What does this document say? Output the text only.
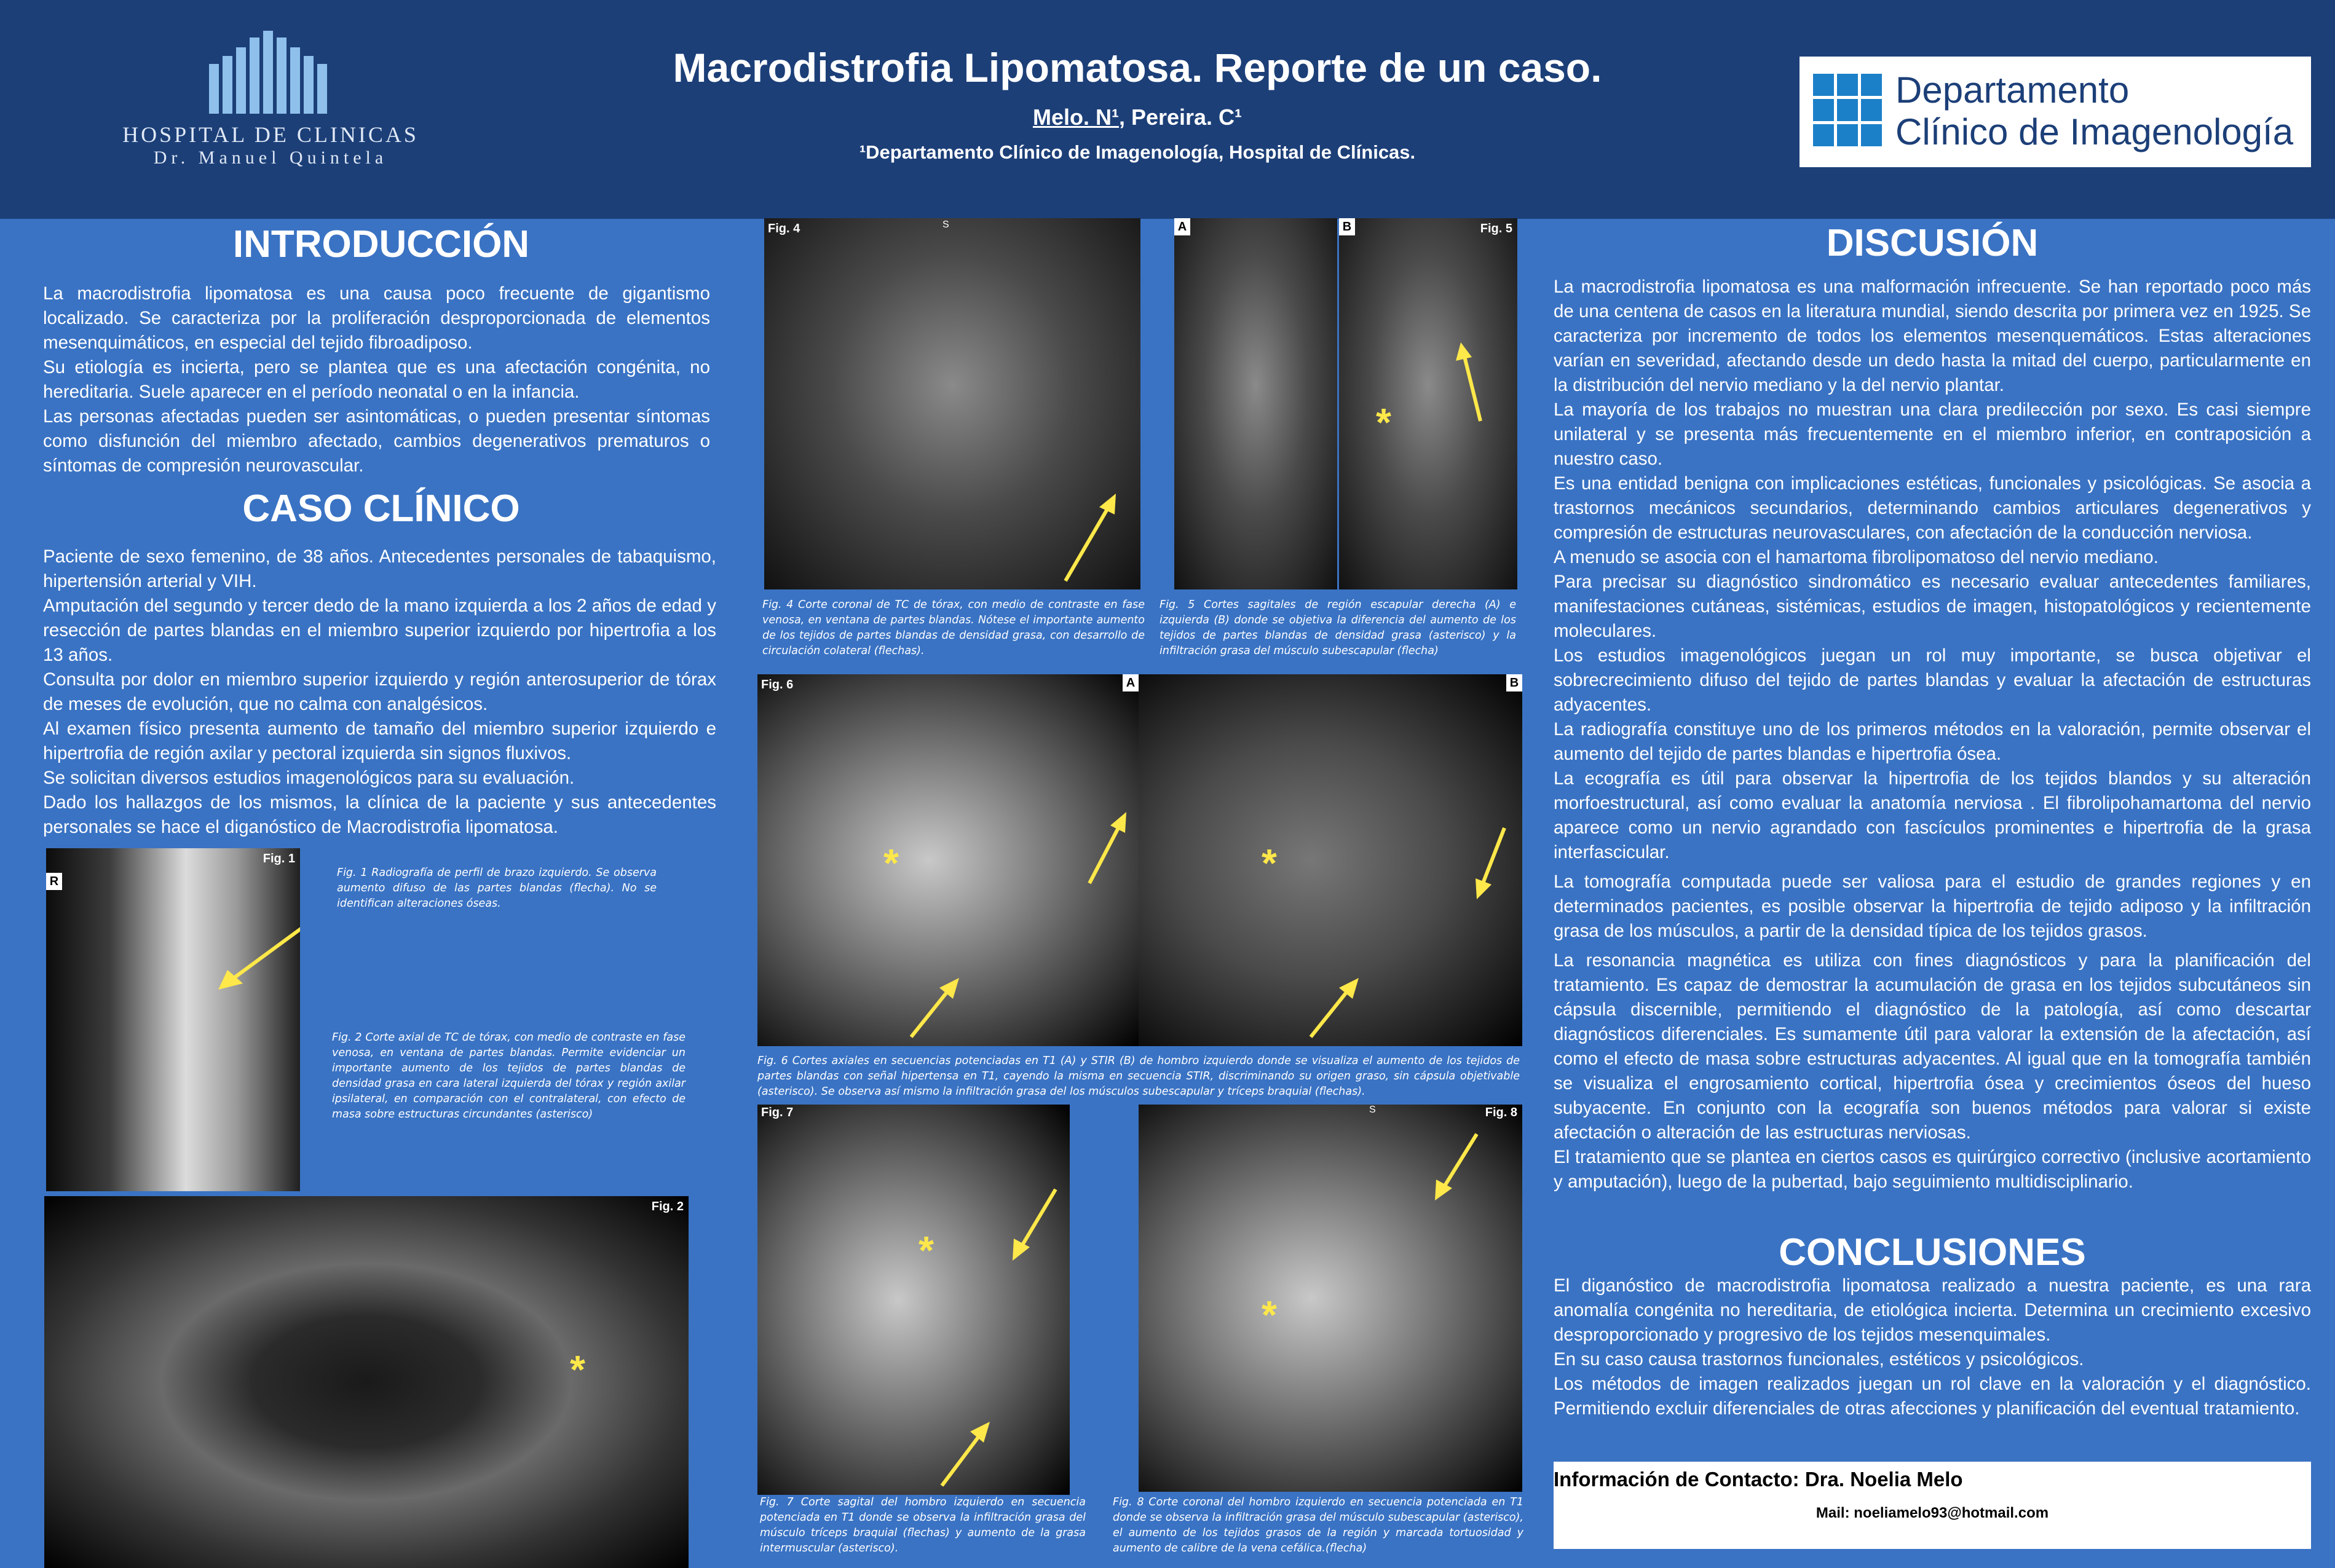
HOSPITAL DE CLINICAS
Dr. Manuel Quintela
Macrodistrofia Lipomatosa. Reporte de un caso.
Melo. N¹, Pereira. C¹
¹Departamento Clínico de Imagenología, Hospital de Clínicas.
Departamento
Clínico de Imagenología
INTRODUCCIÓN

La macrodistrofia lipomatosa es una causa poco frecuente de gigantismo localizado. Se caracteriza por la proliferación desproporcionada de elementos mesenquimáticos, en especial del tejido fibroadiposo.

Su etiología es incierta, pero se plantea que es una afectación congénita, no hereditaria. Suele aparecer en el período neonatal o en la infancia.

Las personas afectadas pueden ser asintomáticas, o pueden presentar síntomas como disfunción del miembro afectado, cambios degenerativos prematuros o síntomas de compresión neurovascular.

CASO CLÍNICO

Paciente de sexo femenino, de 38 años. Antecedentes personales de tabaquismo, hipertensión arterial y VIH.

Amputación del segundo y tercer dedo de la mano izquierda a los 2 años de edad y resección de partes blandas en el miembro superior izquierdo por hipertrofia a los 13 años.

Consulta por dolor en miembro superior izquierdo y región anterosuperior de tórax de meses de evolución, que no calma con analgésicos.

Al examen físico presenta aumento de tamaño del miembro superior izquierdo e hipertrofia de región axilar y pectoral izquierda sin signos fluxivos.

Se solicitan diversos estudios imagenológicos para su evaluación.

Dado los hallazgos de los mismos, la clínica de la paciente y sus antecedentes personales se hace el diganóstico de Macrodistrofia lipomatosa.

Fig. 1
R
Fig. 1 Radiografía de perfil de brazo izquierdo. Se observa aumento difuso de las partes blandas (flecha). No se identifican alteraciones óseas.
Fig. 2 Corte axial de TC de tórax, con medio de contraste en fase venosa, en ventana de partes blandas. Permite evidenciar un importante aumento de los tejidos de partes blandas de densidad grasa en cara lateral izquierda del tórax y región axilar ipsilateral, en comparación con el contralateral, con efecto de masa sobre estructuras circundantes (asterisco)
Fig. 2
*
Fig. 4	S
Fig. 4 Corte coronal de TC de tórax, con medio de contraste en fase venosa, en ventana de partes blandas. Nótese el importante aumento de los tejidos de partes blandas de densidad grasa, con desarrollo de circulación colateral (flechas).
A	B	Fig. 5
*
Fig. 5 Cortes sagitales de región escapular derecha (A) e izquierda (B) donde se objetiva la diferencia del aumento de los tejidos de partes blandas de densidad grasa (asterisco) y la infiltración grasa del músculo subescapular (flecha)
Fig. 6	A
*
B
*
Fig. 6 Cortes axiales en secuencias potenciadas en T1 (A) y STIR (B) de hombro izquierdo donde se visualiza el aumento de los tejidos de partes blandas con señal hipertensa en T1, cayendo la misma en secuencia STIR, discriminando su origen graso, sin cápsula objetivable (asterisco). Se observa así mismo la infiltración grasa del los músculos subescapular y tríceps braquial (flechas).
Fig. 7
*
Fig. 7 Corte sagital del hombro izquierdo en secuencia potenciada en T1 donde se observa la infiltración grasa del músculo tríceps braquial (flechas) y aumento de la grasa intermuscular (asterisco).
Fig. 8
S
*
Fig. 8 Corte coronal del hombro izquierdo en secuencia potenciada en T1 donde se observa la infiltración grasa del músculo subescapular (asterisco), el aumento de los tejidos grasos de la región y marcada tortuosidad y aumento de calibre de la vena cefálica.(flecha)
DISCUSIÓN

La macrodistrofia lipomatosa es una malformación infrecuente. Se han reportado poco más de una centena de casos en la literatura mundial, siendo descrita por primera vez en 1925. Se caracteriza por incremento de todos los elementos mesenquemáticos. Estas alteraciones varían en severidad, afectando desde un dedo hasta la mitad del cuerpo, particularmente en la distribución del nervio mediano y la del nervio plantar.

La mayoría de los trabajos no muestran una clara predilección por sexo. Es casi siempre unilateral y se presenta más frecuentemente en el miembro inferior, en contraposición a nuestro caso.

Es una entidad benigna con implicaciones estéticas, funcionales y psicológicas. Se asocia a trastornos mecánicos secundarios, determinando cambios articulares degenerativos y compresión de estructuras neurovasculares, con afectación de la conducción nerviosa.

A menudo se asocia con el hamartoma fibrolipomatoso del nervio mediano.

Para precisar su diagnóstico sindromático es necesario evaluar antecedentes familiares, manifestaciones cutáneas, sistémicas, estudios de imagen, histopatológicos y recientemente moleculares.

Los estudios imagenológicos juegan un rol muy importante, se busca objetivar el sobrecrecimiento difuso del tejido de partes blandas y evaluar la afectación de estructuras adyacentes.

La radiografía constituye uno de los primeros métodos en la valoración, permite observar el aumento del tejido de partes blandas e hipertrofia ósea.

La ecografía es útil para observar la hipertrofia de los tejidos blandos y su alteración morfoestructural, así como evaluar la anatomía nerviosa . El fibrolipohamartoma del nervio aparece como un nervio agrandado con fascículos prominentes e hipertrofia de la grasa interfascicular.

La tomografía computada puede ser valiosa para el estudio de grandes regiones y en determinados pacientes, es posible observar la hipertrofia de tejido adiposo y la infiltración grasa de los músculos, a partir de la densidad típica de los tejidos grasos.

La resonancia magnética es utiliza con fines diagnósticos y para la planificación del tratamiento. Es capaz de demostrar la acumulación de grasa en los tejidos subcutáneos sin cápsula discernible, permitiendo el diagnóstico de la patología, así como descartar diagnósticos diferenciales. Es sumamente útil para valorar la extensión de la afectación, así como el efecto de masa sobre estructuras adyacentes. Al igual que en la tomografía también se visualiza el engrosamiento cortical, hipertrofia ósea y crecimientos óseos del hueso subyacente. En conjunto con la ecografía son buenos métodos para valorar si existe afectación o alteración de las estructuras nerviosas.

El tratamiento que se plantea en ciertos casos es quirúrgico correctivo (inclusive acortamiento y amputación), luego de la pubertad, bajo seguimiento multidisciplinario.

CONCLUSIONES

El diganóstico de macrodistrofia lipomatosa realizado a nuestra paciente, es una rara anomalía congénita no hereditaria, de etiológica incierta. Determina un crecimiento excesivo desproporcionado y progresivo de los tejidos mesenquimales.

En su caso causa trastornos funcionales, estéticos y psicológicos.

Los métodos de imagen realizados juegan un rol clave en la valoración y el diagnóstico. Permitiendo excluir diferenciales de otras afecciones y planificación del eventual tratamiento.

Información de Contacto: Dra. Noelia Melo
Mail: noeliamelo93@hotmail.com
